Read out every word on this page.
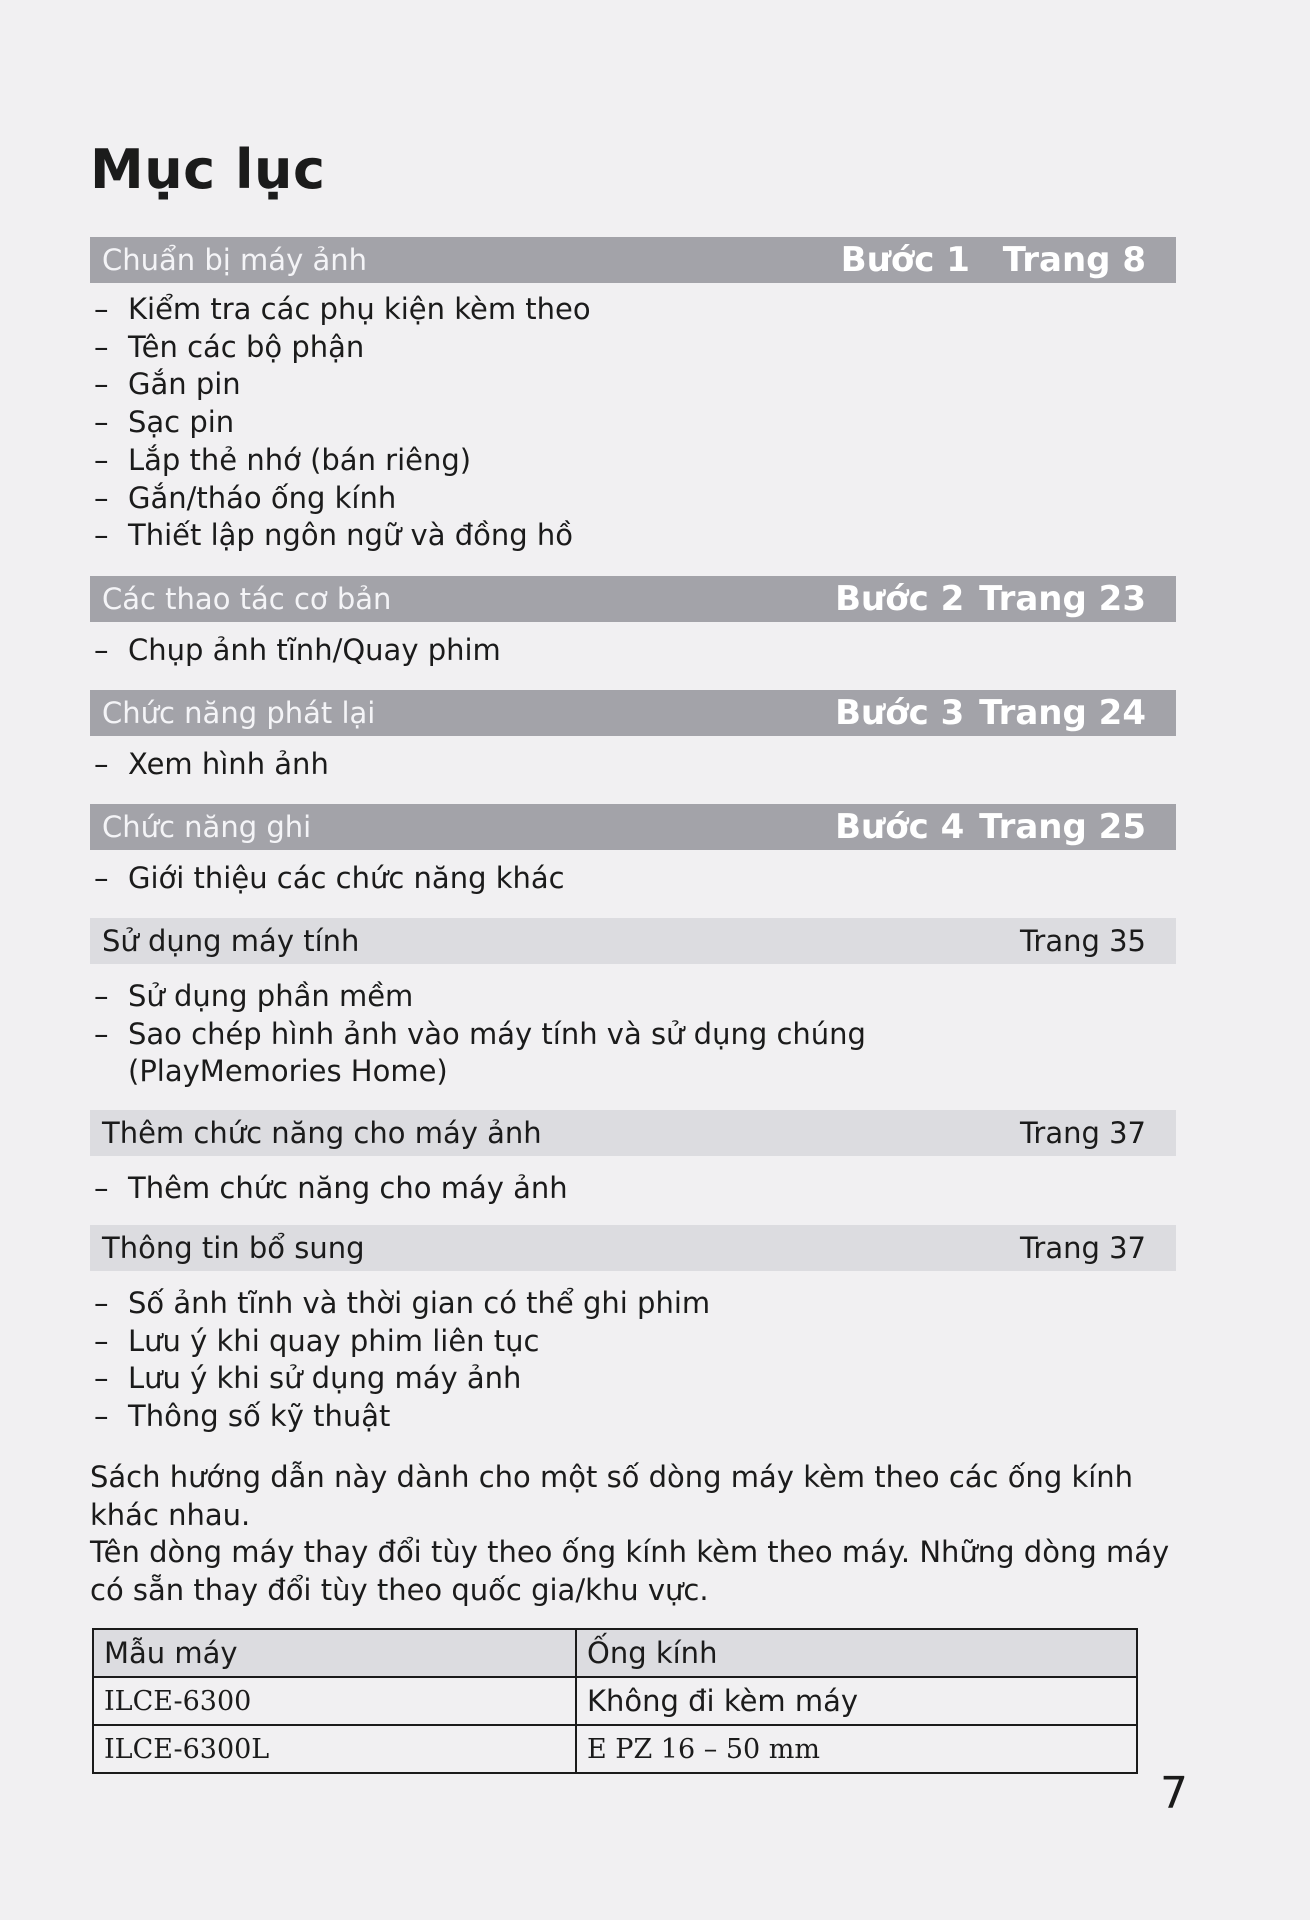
Mục lục
Chuẩn bị máy ảnh	Bước 1 Trang 8
– Kiểm tra các phụ kiện kèm theo
– Tên các bộ phận
– Gắn pin
– Sạc pin
– Lắp thẻ nhớ (bán riêng)
– Gắn/tháo ống kính
– Thiết lập ngôn ngữ và đồng hồ
Các thao tác cơ bản	Bước 2 Trang 23
– Chụp ảnh tĩnh/Quay phim
Chức năng phát lại	Bước 3 Trang 24
– Xem hình ảnh
Chức năng ghi	Bước 4 Trang 25
– Giới thiệu các chức năng khác
Sử dụng máy tính	Trang 35
– Sử dụng phần mềm
– Sao chép hình ảnh vào máy tính và sử dụng chúng (PlayMemories Home)
Thêm chức năng cho máy ảnh	Trang 37
– Thêm chức năng cho máy ảnh
Thông tin bổ sung	Trang 37
– Số ảnh tĩnh và thời gian có thể ghi phim
– Lưu ý khi quay phim liên tục
– Lưu ý khi sử dụng máy ảnh
– Thông số kỹ thuật
Sách hướng dẫn này dành cho một số dòng máy kèm theo các ống kính khác nhau.
Tên dòng máy thay đổi tùy theo ống kính kèm theo máy. Những dòng máy có sẵn thay đổi tùy theo quốc gia/khu vực.
Mẫu máy	Ống kính
ILCE-6300	Không đi kèm máy
ILCE-6300L	E PZ 16 – 50 mm
7
